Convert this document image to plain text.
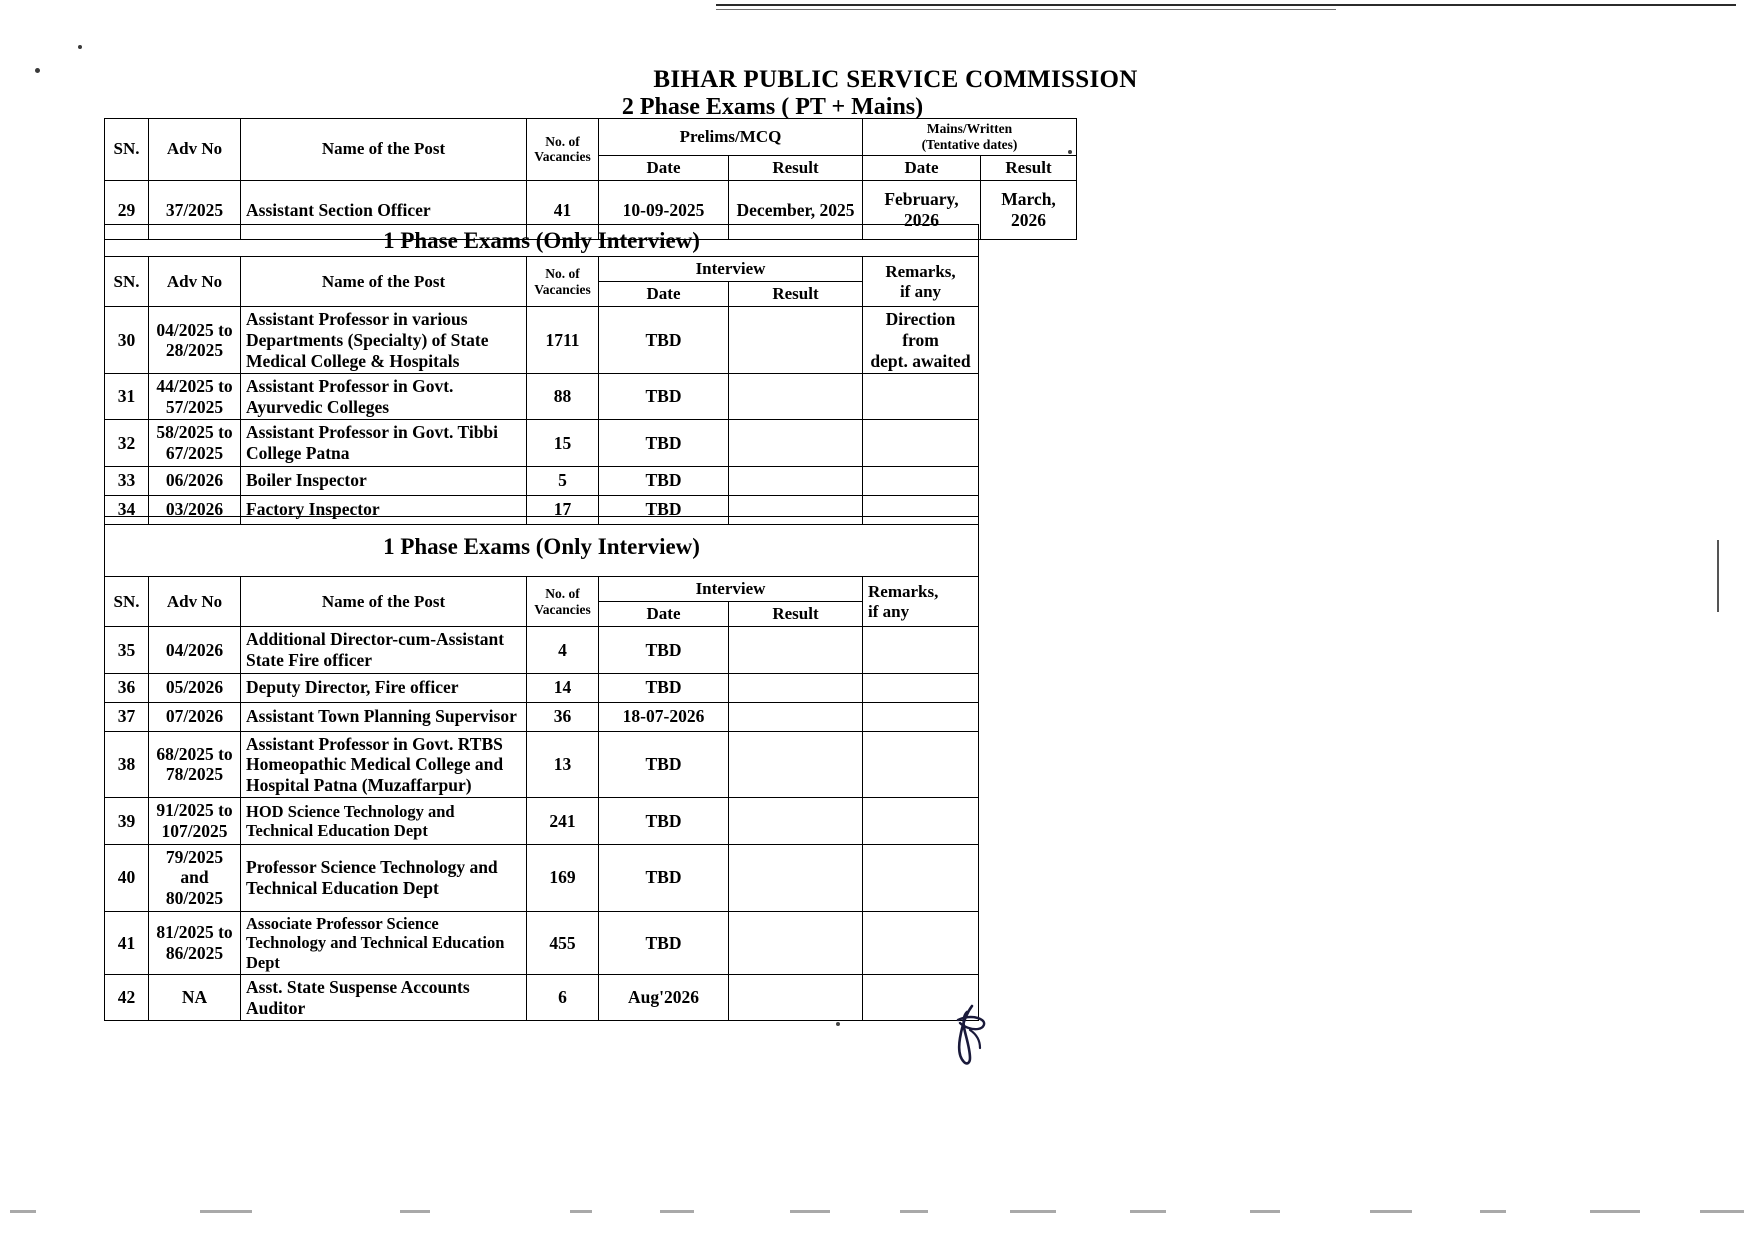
BIHAR PUBLIC SERVICE COMMISSION
2 Phase Exams ( PT + Mains)
SN.	Adv No	Name of the Post	No. of
Vacancies	Prelims/MCQ		Mains/Written
(Tentative dates)	
				Date	Result	Date	Result
29	37/2025	Assistant Section Officer	41	10-09-2025	December, 2025	February, 2026	March, 2026
1 Phase Exams (Only Interview)						
SN.	Adv No	Name of the Post	No. of
Vacancies	Interview		Remarks,
if any
				Date	Result	
30	04/2025 to
28/2025	Assistant Professor in various Departments (Specialty) of State Medical College & Hospitals	1711	TBD		Direction from
dept. awaited
31	44/2025 to
57/2025	Assistant Professor in Govt. Ayurvedic Colleges	88	TBD		
32	58/2025 to
67/2025	Assistant Professor in Govt. Tibbi College Patna	15	TBD		
33	06/2026	Boiler Inspector	5	TBD		
34	03/2026	Factory Inspector	17	TBD		
1 Phase Exams (Only Interview)						
SN.	Adv No	Name of the Post	No. of
Vacancies	Interview		Remarks,
if any
				Date	Result	
35	04/2026	Additional Director-cum-Assistant State Fire officer	4	TBD		
36	05/2026	Deputy Director, Fire officer	14	TBD		
37	07/2026	Assistant Town Planning Supervisor	36	18-07-2026		
38	68/2025 to
78/2025	Assistant Professor in Govt. RTBS Homeopathic Medical College and Hospital Patna (Muzaffarpur)	13	TBD		
39	91/2025 to
107/2025	HOD Science Technology and Technical Education Dept	241	TBD		
40	79/2025 and
80/2025	Professor Science Technology and Technical Education Dept	169	TBD		
41	81/2025 to
86/2025	Associate Professor Science Technology and Technical Education Dept	455	TBD		
42	NA	Asst. State Suspense Accounts Auditor	6	Aug'2026		
